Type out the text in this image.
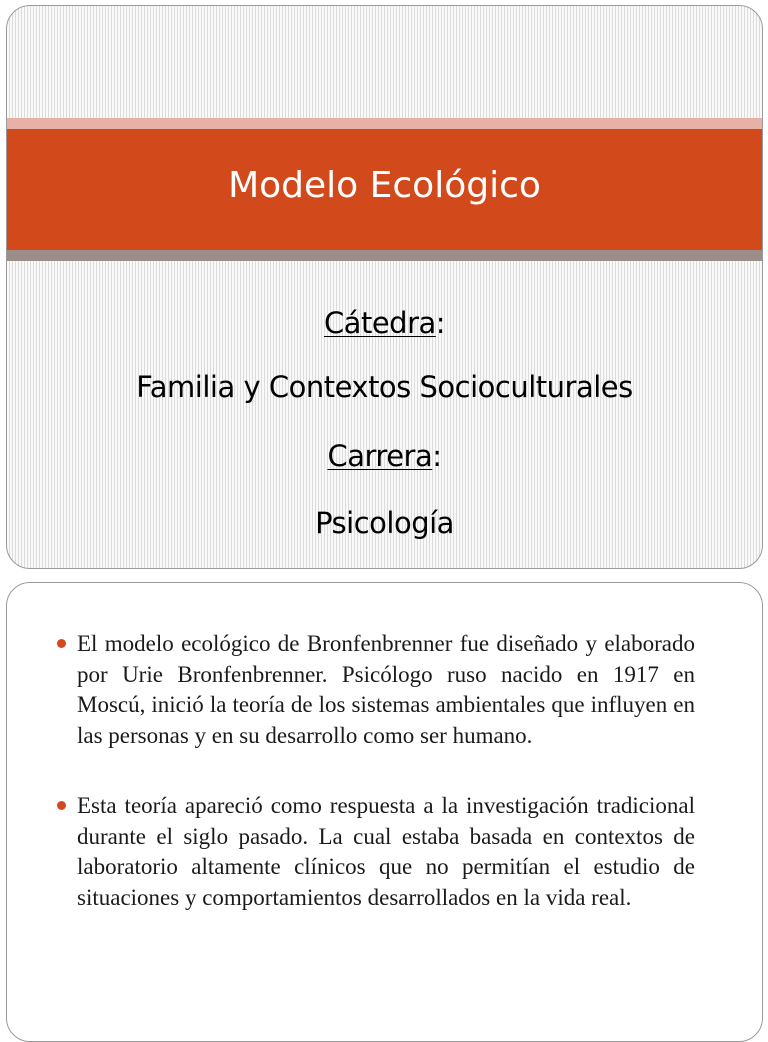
Modelo Ecológico
Cátedra:
Familia y Contextos Socioculturales
Carrera:
Psicología
El modelo ecológico de Bronfenbrenner fue diseñado y elaborado por Urie Bronfenbrenner. Psicólogo ruso nacido en 1917 en Moscú, inició la teoría de los sistemas ambientales que influyen en las personas y en su desarrollo como ser humano.
Esta teoría apareció como respuesta a la investigación tradicional durante el siglo pasado. La cual estaba basada en contextos de laboratorio altamente clínicos que no permitían el estudio de situaciones y comportamientos desarrollados en la vida real.
